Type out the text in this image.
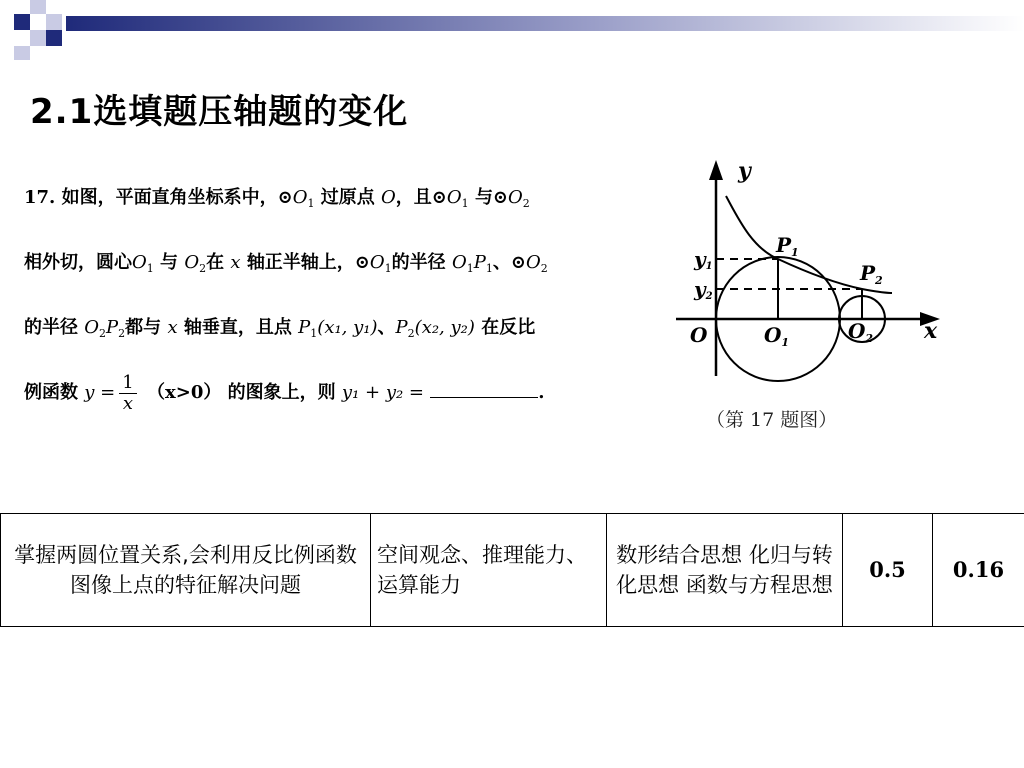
2.1选填题压轴题的变化
17. 如图，平面直角坐标系中，$⊙O_1$ 过原点 O，且$⊙O_1$ 与$⊙O_2$
相外切，圆心$O_1$ 与 $O_2$在 x 轴正半轴上，$⊙O_1$的半径 $O_1P_1$、$⊙O_2$
的半径 $O_2P_2$都与 x 轴垂直，且点 $P_1(x_1$, y₁)、$P_2(x_2$, y₂) 在反比
例函数 $y = \frac{1}{x} (x>0)$ 的图象上，则 y₁ + y₂ =	.
y
x
O
$P_1$
$P_2$
y1
y2
$O_1$	$O_2$
（第 17 题图）
掌握两圆位置关系,会利用反比例函数图像上点的特征解决问题	空间观念、推理能力、运算能力	数形结合思想 化归与转化思想 函数与方程思想	0.5	0.16
